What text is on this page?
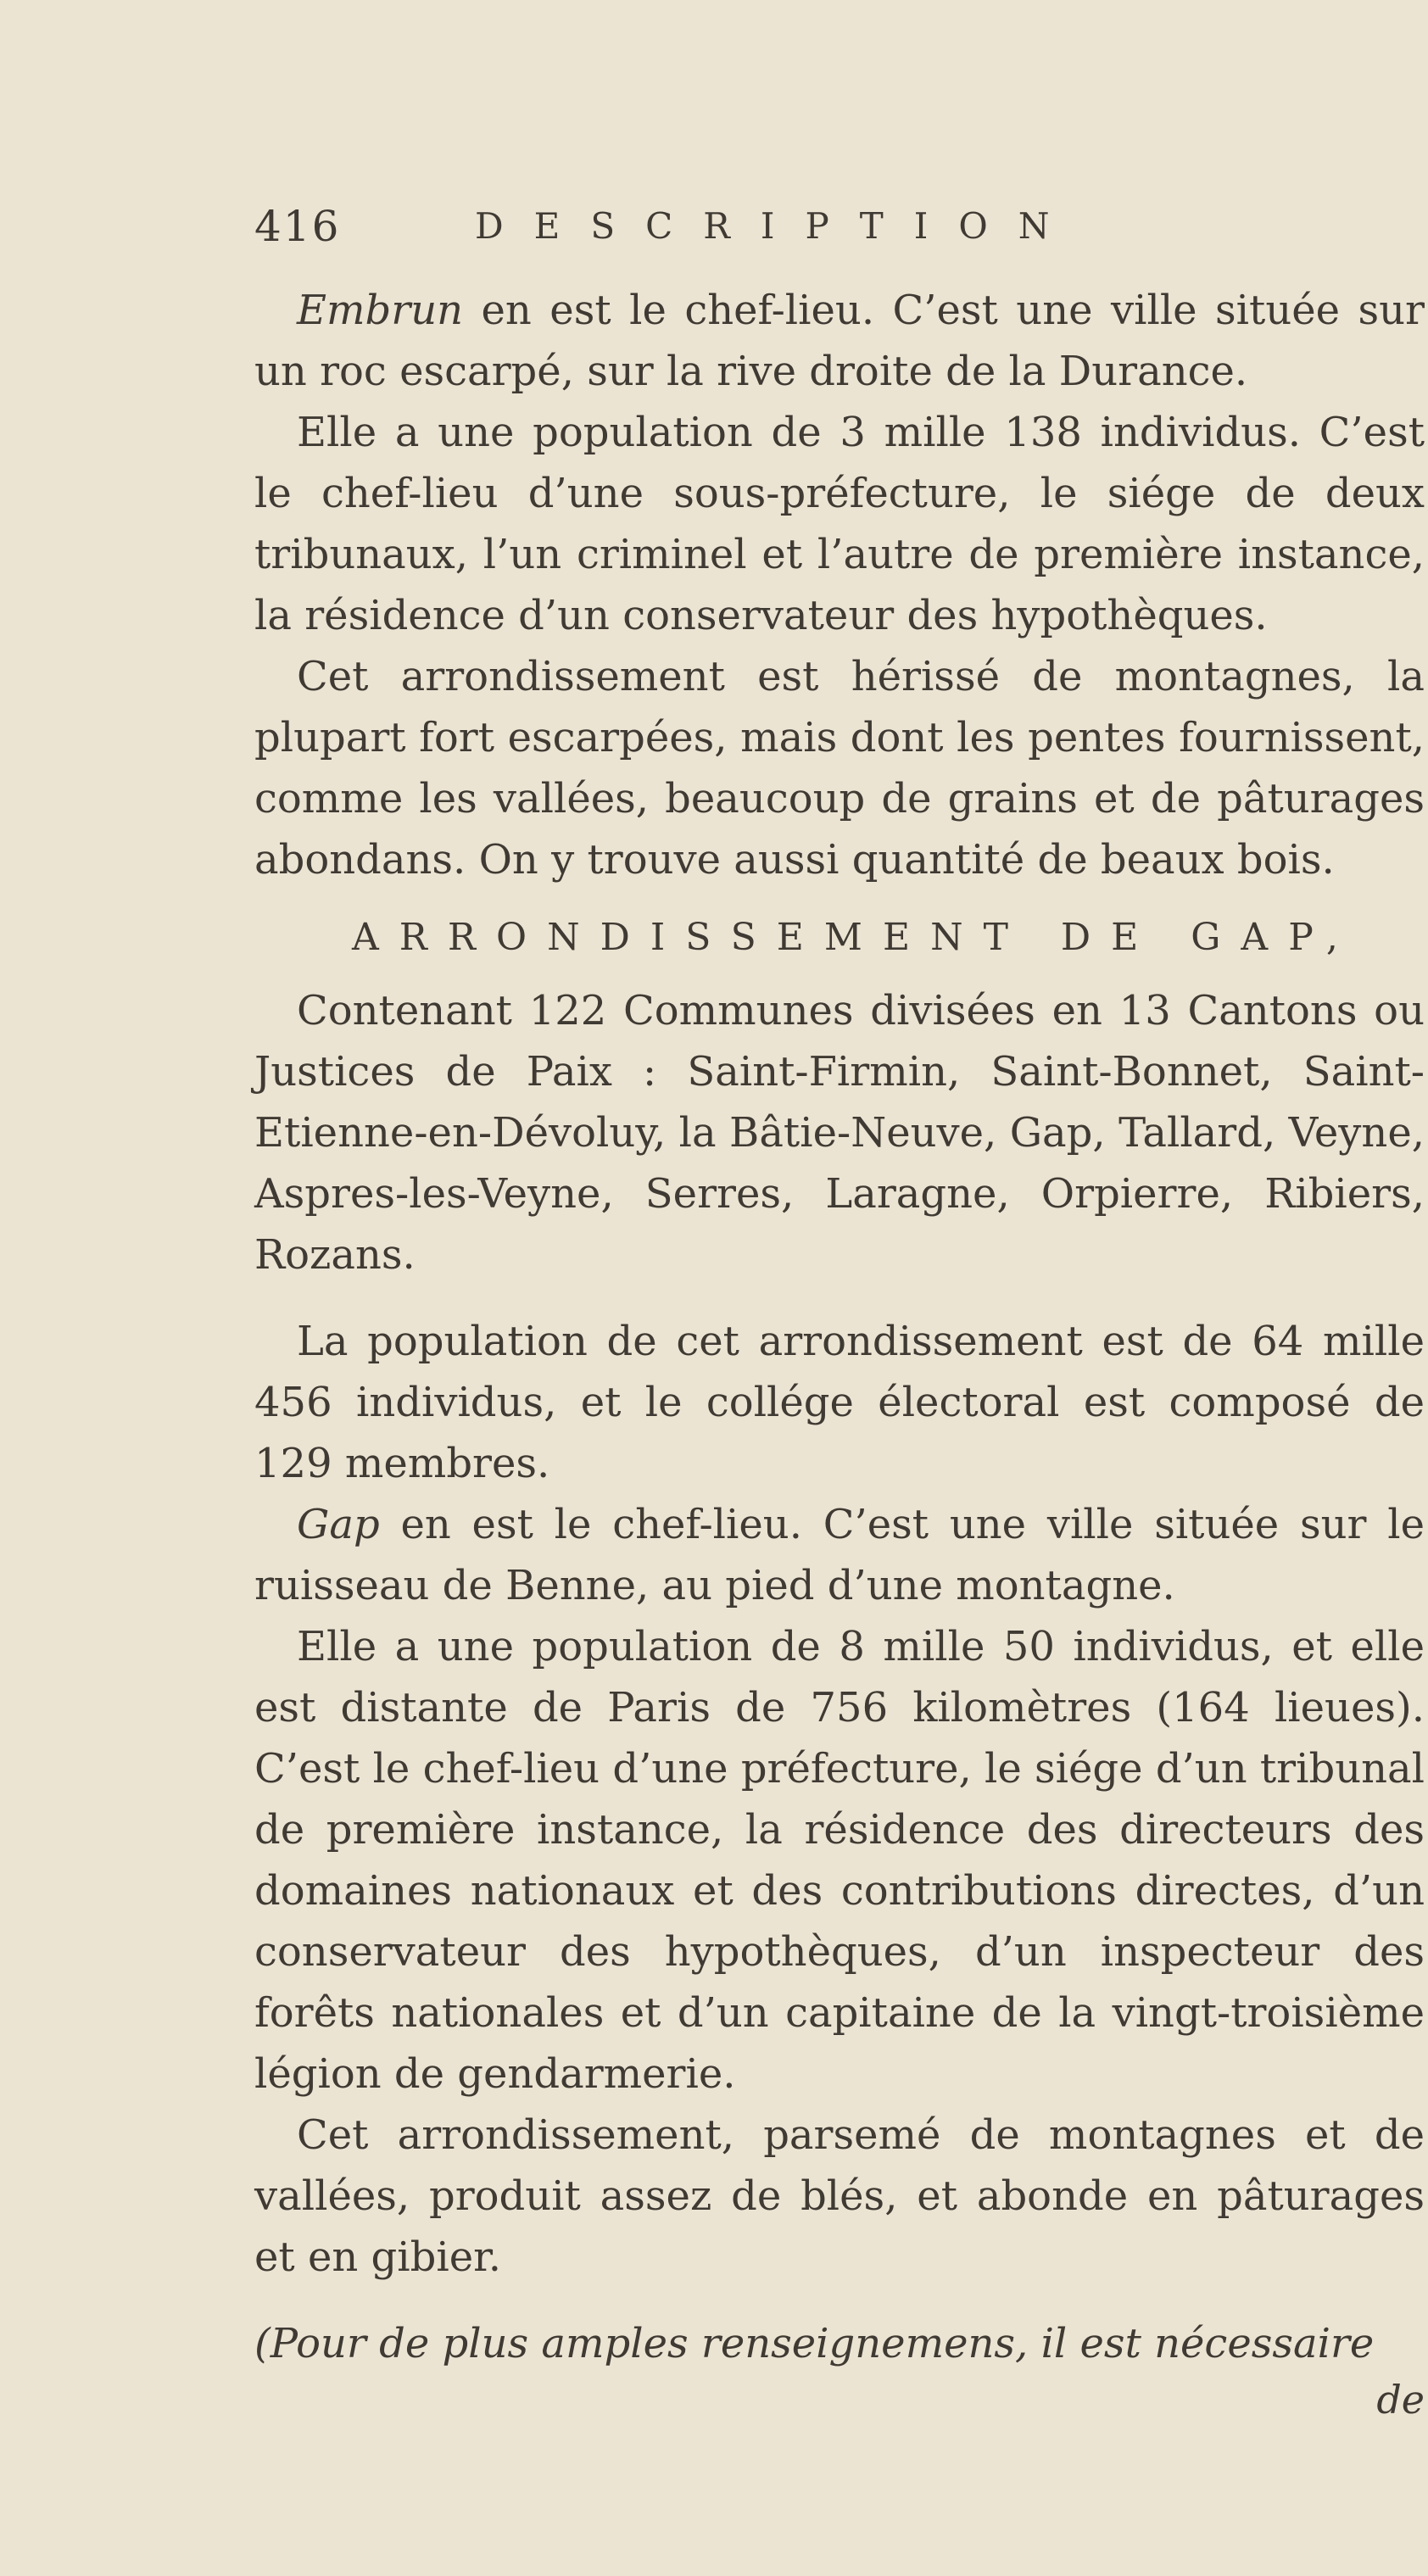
416	DESCRIPTION

Embrun en est le chef-lieu. C’est une ville située sur un roc escarpé, sur la rive droite de la Durance.

Elle a une population de 3 mille 138 individus. C’est le chef-lieu d’une sous-préfecture, le siége de deux tribunaux, l’un criminel et l’autre de première instance, la résidence d’un conservateur des hypothèques.

Cet arrondissement est hérissé de montagnes, la plupart fort escarpées, mais dont les pentes fournissent, comme les vallées, beaucoup de grains et de pâturages abondans. On y trouve aussi quantité de beaux bois.

ARRONDISSEMENT DE GAP,

Contenant 122 Communes divisées en 13 Cantons ou Justices de Paix : Saint-Firmin, Saint-Bonnet, Saint-Etienne-en-Dévoluy, la Bâtie-Neuve, Gap, Tallard, Veyne, Aspres-les-Veyne, Serres, Laragne, Orpierre, Ribiers, Rozans.

La population de cet arrondissement est de 64 mille 456 individus, et le collége électoral est composé de 129 membres.

Gap en est le chef-lieu. C’est une ville située sur le ruisseau de Benne, au pied d’une montagne.

Elle a une population de 8 mille 50 individus, et elle est distante de Paris de 756 kilomètres (164 lieues). C’est le chef-lieu d’une préfecture, le siége d’un tribunal de première instance, la résidence des directeurs des domaines nationaux et des contributions directes, d’un conservateur des hypothèques, d’un inspecteur des forêts nationales et d’un capitaine de la vingt-troisième légion de gendarmerie.

Cet arrondissement, parsemé de montagnes et de vallées, produit assez de blés, et abonde en pâturages et en gibier.

(Pour de plus amples renseignemens, il est nécessaire

de
